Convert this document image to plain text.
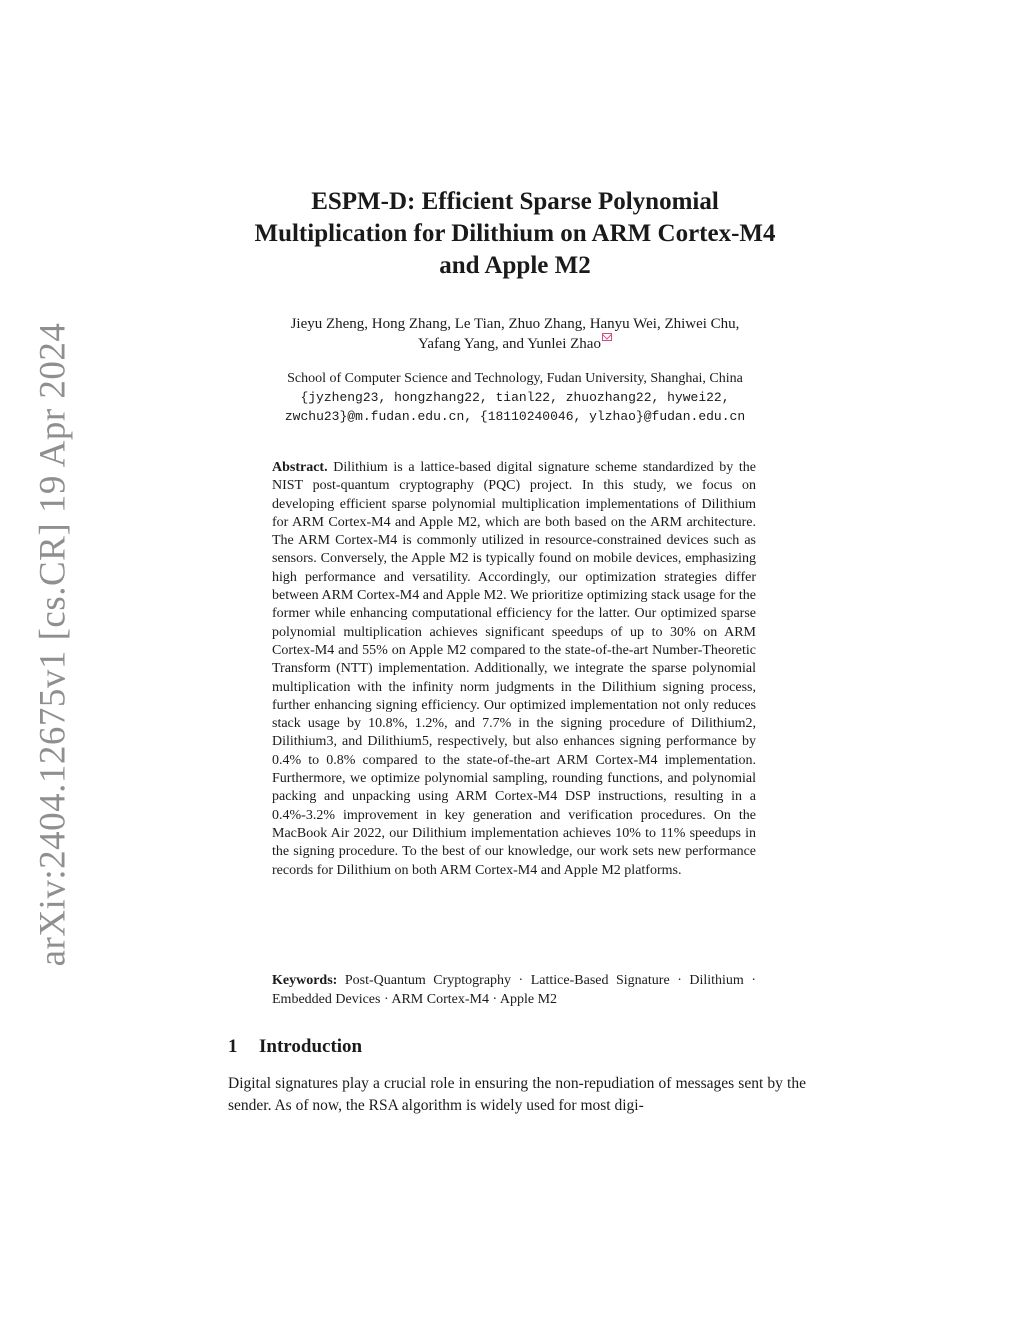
arXiv:2404.12675v1 [cs.CR] 19 Apr 2024
ESPM-D: Efficient Sparse Polynomial
Multiplication for Dilithium on ARM Cortex-M4
and Apple M2
Jieyu Zheng, Hong Zhang, Le Tian, Zhuo Zhang, Hanyu Wei, Zhiwei Chu,
Yafang Yang, and Yunlei Zhao
School of Computer Science and Technology, Fudan University, Shanghai, China
{jyzheng23, hongzhang22, tianl22, zhuozhang22, hywei22,
zwchu23}@m.fudan.edu.cn, {18110240046, ylzhao}@fudan.edu.cn
Abstract. Dilithium is a lattice-based digital signature scheme standardized by the NIST post-quantum cryptography (PQC) project. In this study, we focus on developing efficient sparse polynomial multiplication implementations of Dilithium for ARM Cortex-M4 and Apple M2, which are both based on the ARM architecture. The ARM Cortex-M4 is commonly utilized in resource-constrained devices such as sensors. Conversely, the Apple M2 is typically found on mobile devices, emphasizing high performance and versatility. Accordingly, our optimization strategies differ between ARM Cortex-M4 and Apple M2. We prioritize optimizing stack usage for the former while enhancing computational efficiency for the latter. Our optimized sparse polynomial multiplication achieves significant speedups of up to 30% on ARM Cortex-M4 and 55% on Apple M2 compared to the state-of-the-art Number-Theoretic Transform (NTT) implementation. Additionally, we integrate the sparse polynomial multiplication with the infinity norm judgments in the Dilithium signing process, further enhancing signing efficiency. Our optimized implementation not only reduces stack usage by 10.8%, 1.2%, and 7.7% in the signing procedure of Dilithium2, Dilithium3, and Dilithium5, respectively, but also enhances signing performance by 0.4% to 0.8% compared to the state-of-the-art ARM Cortex-M4 implementation. Furthermore, we optimize polynomial sampling, rounding functions, and polynomial packing and unpacking using ARM Cortex-M4 DSP instructions, resulting in a 0.4%-3.2% improvement in key generation and verification procedures. On the MacBook Air 2022, our Dilithium implementation achieves 10% to 11% speedups in the signing procedure. To the best of our knowledge, our work sets new performance records for Dilithium on both ARM Cortex-M4 and Apple M2 platforms.
Keywords: Post-Quantum Cryptography · Lattice-Based Signature · Dilithium · Embedded Devices · ARM Cortex-M4 · Apple M2
1 Introduction
Digital signatures play a crucial role in ensuring the non-repudiation of messages sent by the sender. As of now, the RSA algorithm is widely used for most digi-
